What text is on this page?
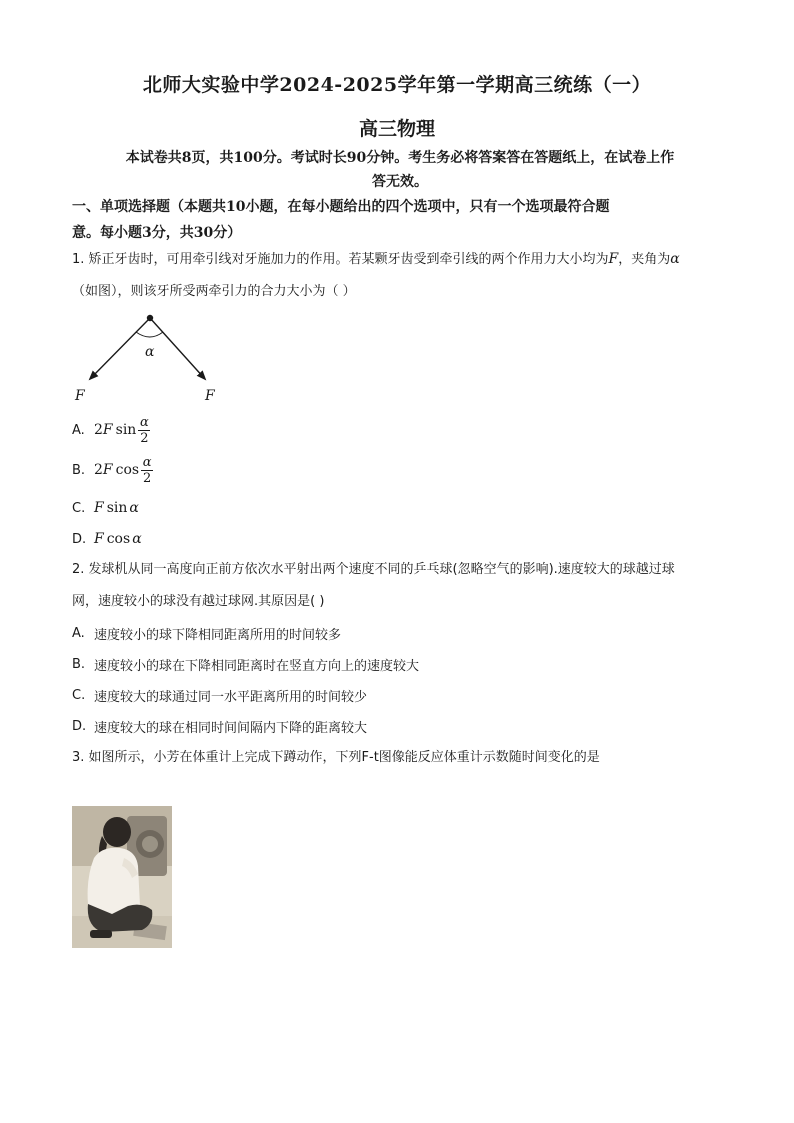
北师大实验中学2024-2025学年第一学期高三统练（一）
高三物理
本试卷共8页，共100分。考试时长90分钟。考生务必将答案答在答题纸上，在试卷上作
答无效。
一、单项选择题（本题共10小题，在每小题给出的四个选项中，只有一个选项最符合题
意。每小题3分，共30分）
1. 矫正牙齿时，可用牵引线对牙施加力的作用。若某颗牙齿受到牵引线的两个作用力大小均为F，夹角为α
（如图），则该牙所受两牵引力的合力大小为（ ）
α
F	F
A. 2 F $\sin \frac{\alpha}{2}$
B. 2 F $\cos \frac{\alpha}{2}$
C. F sin α
D. F cos α
2. 发球机从同一高度向正前方依次水平射出两个速度不同的乒乓球(忽略空气的影响).速度较大的球越过球
网，速度较小的球没有越过球网.其原因是( )
A. 速度较小的球下降相同距离所用的时间较多
B. 速度较小的球在下降相同距离时在竖直方向上的速度较大
C. 速度较大的球通过同一水平距离所用的时间较少
D. 速度较大的球在相同时间间隔内下降的距离较大
3. 如图所示，小芳在体重计上完成下蹲动作，下列F-t图像能反应体重计示数随时间变化的是
